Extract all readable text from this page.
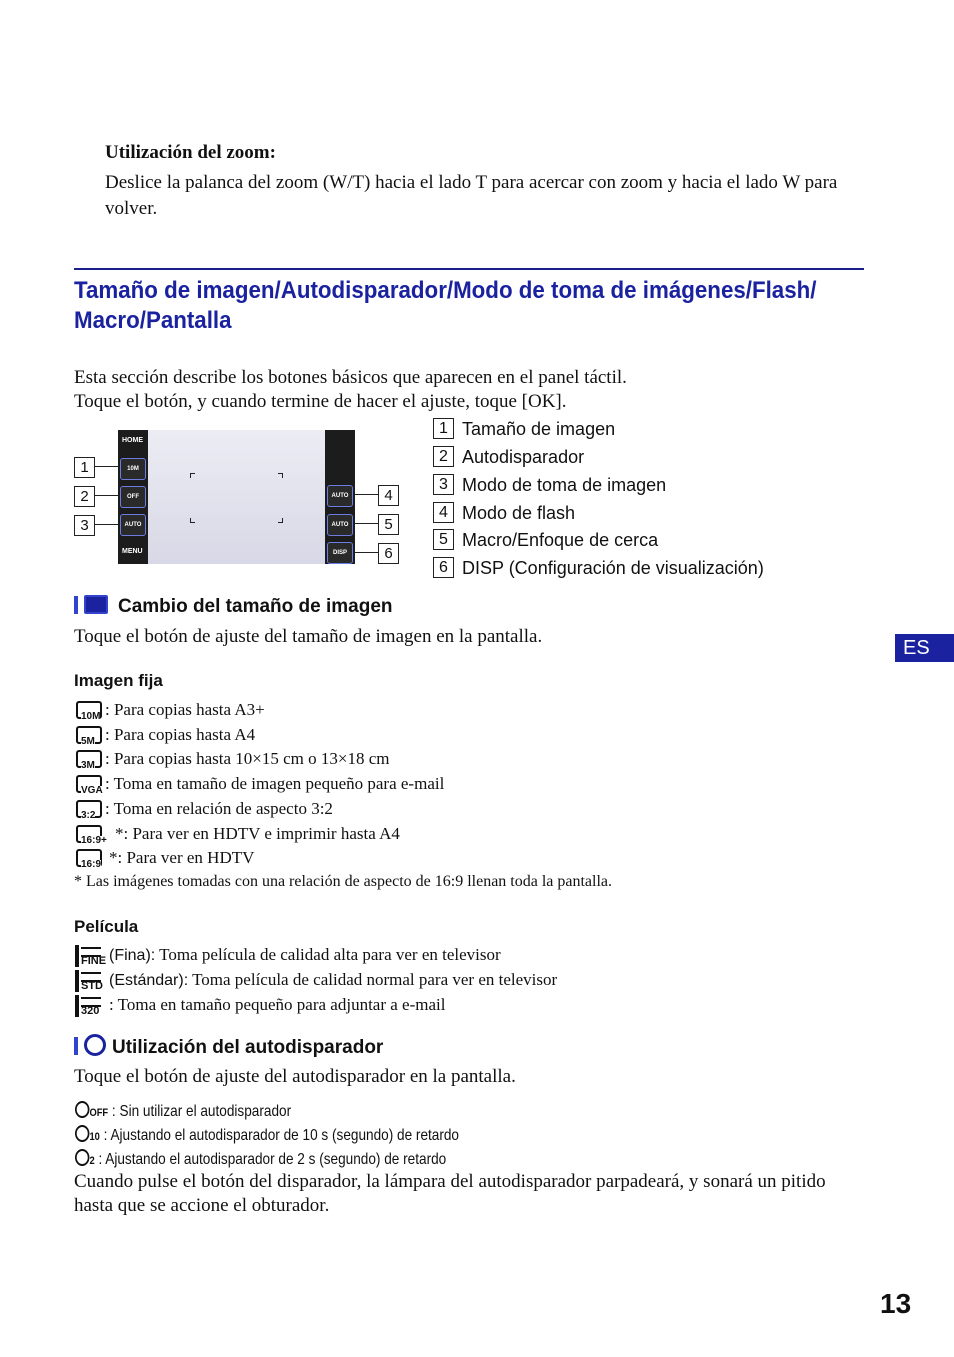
Utilización del zoom:
Deslice la palanca del zoom (W/T) hacia el lado T para acercar con zoom y hacia el lado W para volver.
Tamaño de imagen/Autodisparador/Modo de toma de imágenes/Flash/ Macro/Pantalla
Esta sección describe los botones básicos que aparecen en el panel táctil.
Toque el botón, y cuando termine de hacer el ajuste, toque [OK].
HOME
10M
OFF
AUTO
MENU
AUTO
AUTO
DISP
1
2
3
4
5
6
1 Tamaño de imagen
2 Autodisparador
3 Modo de toma de imagen
4 Modo de flash
5 Macro/Enfoque de cerca
6 DISP (Configuración de visualización)
Cambio del tamaño de imagen
Toque el botón de ajuste del tamaño de imagen en la pantalla.
ES
Imagen fija
10M : Para copias hasta A3+
5M : Para copias hasta A4
3M : Para copias hasta 10×15 cm o 13×18 cm
VGA : Toma en tamaño de imagen pequeño para e-mail
3:2 : Toma en relación de aspecto 3:2
16:9+ *: Para ver en HDTV e imprimir hasta A4
16:9 *: Para ver en HDTV
* Las imágenes tomadas con una relación de aspecto de 16:9 llenan toda la pantalla.
Película
FINE (Fina): Toma película de calidad alta para ver en televisor
STD (Estándar): Toma película de calidad normal para ver en televisor
320 : Toma en tamaño pequeño para adjuntar a e-mail
Utilización del autodisparador
Toque el botón de ajuste del autodisparador en la pantalla.
OFF : Sin utilizar el autodisparador
10 : Ajustando el autodisparador de 10 s (segundo) de retardo
2 : Ajustando el autodisparador de 2 s (segundo) de retardo
Cuando pulse el botón del disparador, la lámpara del autodisparador parpadeará, y sonará un pitido hasta que se accione el obturador.
13
